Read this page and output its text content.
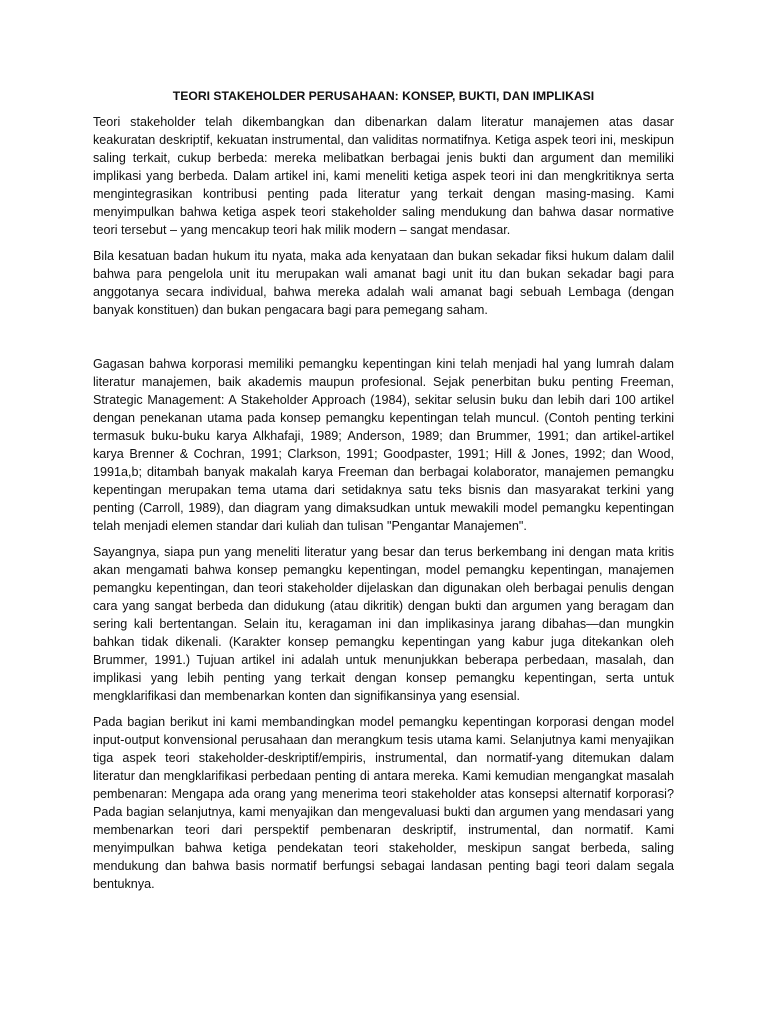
TEORI STAKEHOLDER PERUSAHAAN: KONSEP, BUKTI, DAN IMPLIKASI

Teori stakeholder telah dikembangkan dan dibenarkan dalam literatur manajemen atas dasar keakuratan deskriptif, kekuatan instrumental, dan validitas normatifnya. Ketiga aspek teori ini, meskipun saling terkait, cukup berbeda: mereka melibatkan berbagai jenis bukti dan argument dan memiliki implikasi yang berbeda. Dalam artikel ini, kami meneliti ketiga aspek teori ini dan mengkritiknya serta mengintegrasikan kontribusi penting pada literatur yang terkait dengan masing-masing. Kami menyimpulkan bahwa ketiga aspek teori stakeholder saling mendukung dan bahwa dasar normative teori tersebut – yang mencakup teori hak milik modern – sangat mendasar.

Bila kesatuan badan hukum itu nyata, maka ada kenyataan dan bukan sekadar fiksi hukum dalam dalil bahwa para pengelola unit itu merupakan wali amanat bagi unit itu dan bukan sekadar bagi para anggotanya secara individual, bahwa mereka adalah wali amanat bagi sebuah Lembaga (dengan banyak konstituen) dan bukan pengacara bagi para pemegang saham.

Gagasan bahwa korporasi memiliki pemangku kepentingan kini telah menjadi hal yang lumrah dalam literatur manajemen, baik akademis maupun profesional. Sejak penerbitan buku penting Freeman, Strategic Management: A Stakeholder Approach (1984), sekitar selusin buku dan lebih dari 100 artikel dengan penekanan utama pada konsep pemangku kepentingan telah muncul. (Contoh penting terkini termasuk buku-buku karya Alkhafaji, 1989; Anderson, 1989; dan Brummer, 1991; dan artikel-artikel karya Brenner & Cochran, 1991; Clarkson, 1991; Goodpaster, 1991; Hill & Jones, 1992; dan Wood, 1991a,b; ditambah banyak makalah karya Freeman dan berbagai kolaborator, manajemen pemangku kepentingan merupakan tema utama dari setidaknya satu teks bisnis dan masyarakat terkini yang penting (Carroll, 1989), dan diagram yang dimaksudkan untuk mewakili model pemangku kepentingan telah menjadi elemen standar dari kuliah dan tulisan "Pengantar Manajemen".

Sayangnya, siapa pun yang meneliti literatur yang besar dan terus berkembang ini dengan mata kritis akan mengamati bahwa konsep pemangku kepentingan, model pemangku kepentingan, manajemen pemangku kepentingan, dan teori stakeholder dijelaskan dan digunakan oleh berbagai penulis dengan cara yang sangat berbeda dan didukung (atau dikritik) dengan bukti dan argumen yang beragam dan sering kali bertentangan. Selain itu, keragaman ini dan implikasinya jarang dibahas—dan mungkin bahkan tidak dikenali. (Karakter konsep pemangku kepentingan yang kabur juga ditekankan oleh Brummer, 1991.) Tujuan artikel ini adalah untuk menunjukkan beberapa perbedaan, masalah, dan implikasi yang lebih penting yang terkait dengan konsep pemangku kepentingan, serta untuk mengklarifikasi dan membenarkan konten dan signifikansinya yang esensial.

Pada bagian berikut ini kami membandingkan model pemangku kepentingan korporasi dengan model input-output konvensional perusahaan dan merangkum tesis utama kami. Selanjutnya kami menyajikan tiga aspek teori stakeholder-deskriptif/empiris, instrumental, dan normatif-yang ditemukan dalam literatur dan mengklarifikasi perbedaan penting di antara mereka. Kami kemudian mengangkat masalah pembenaran: Mengapa ada orang yang menerima teori stakeholder atas konsepsi alternatif korporasi? Pada bagian selanjutnya, kami menyajikan dan mengevaluasi bukti dan argumen yang mendasari yang membenarkan teori dari perspektif pembenaran deskriptif, instrumental, dan normatif. Kami menyimpulkan bahwa ketiga pendekatan teori stakeholder, meskipun sangat berbeda, saling mendukung dan bahwa basis normatif berfungsi sebagai landasan penting bagi teori dalam segala bentuknya.
